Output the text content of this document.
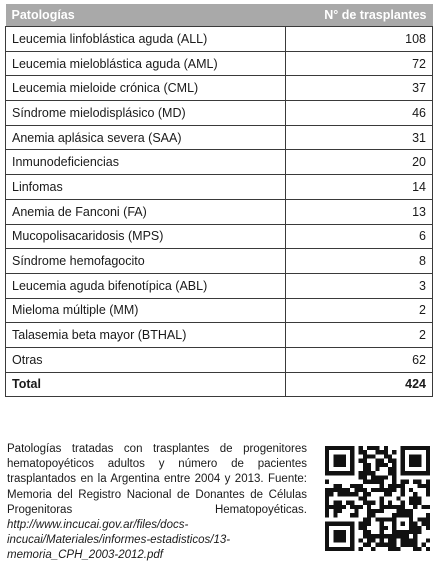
Patologías	N° de trasplantes
Leucemia linfoblástica aguda (ALL)	108
Leucemia mieloblástica aguda (AML)	72
Leucemia mieloide crónica (CML)	37
Síndrome mielodisplásico (MD)	46
Anemia aplásica severa (SAA)	31
Inmunodeficiencias	20
Linfomas	14
Anemia de Fanconi (FA)	13
Mucopolisacaridosis (MPS)	6
Síndrome hemofagocito	8
Leucemia aguda bifenotípica (ABL)	3
Mieloma múltiple (MM)	2
Talasemia beta mayor (BTHAL)	2
Otras	62
Total	424
Patologías tratadas con trasplantes de progenitores hematopoyéticos adultos y número de pacientes trasplantados en la Argentina entre 2004 y 2013. Fuente: Memoria del Registro Nacional de Donantes de Células Progenitoras Hematopoyéticas. http://www.incucai.gov.ar/files/docs-incucai/Materiales/informes-estadisticos/13-memoria_CPH_2003-2012.pdf
